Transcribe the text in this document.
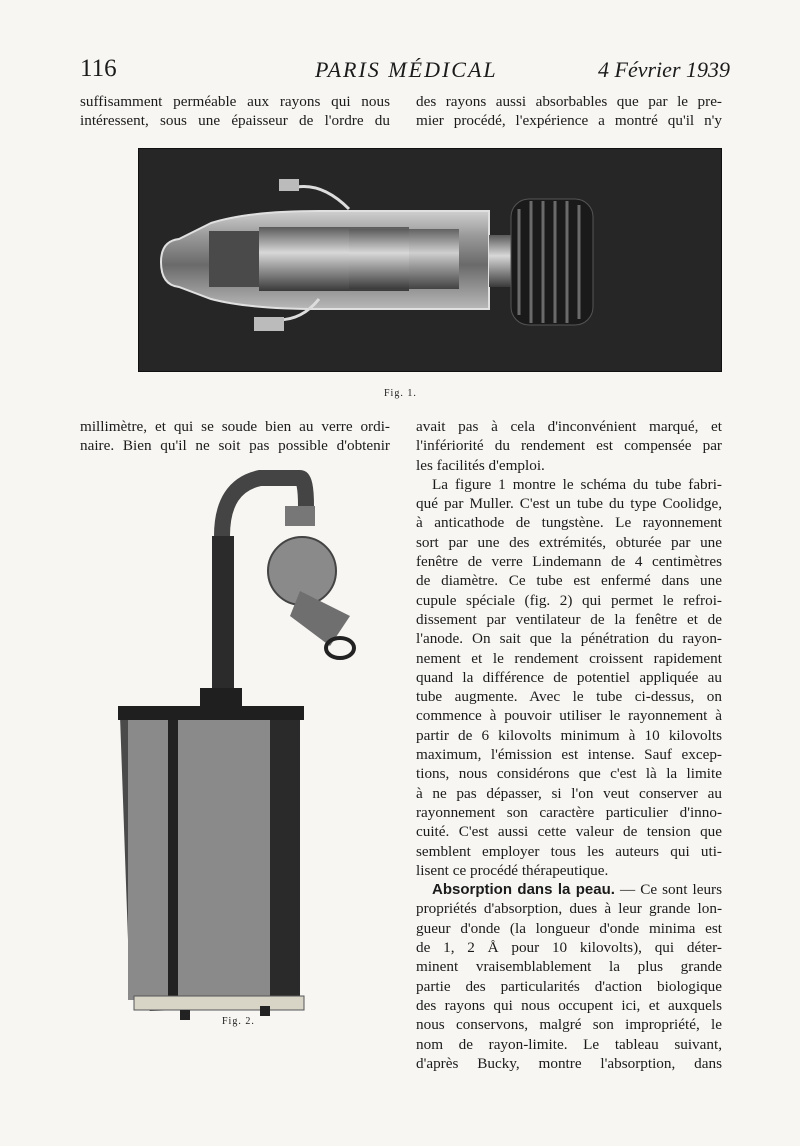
116	PARIS MÉDICAL	4 Février 1939
suffisamment perméable aux rayons qui nous
intéressent, sous une épaisseur de l'ordre du
des rayons aussi absorbables que par le pre-
mier procédé, l'expérience a montré qu'il n'y
Fig. 1.
millimètre, et qui se soude bien au verre ordi-
naire. Bien qu'il ne soit pas possible d'obtenir
Fig. 2.
avait pas à cela d'inconvénient marqué, et
l'infériorité du rendement est compensée par
les facilités d'emploi.
La figure 1 montre le schéma du tube fabri-
qué par Muller. C'est un tube du type Coolidge,
à anticathode de tungstène. Le rayonnement
sort par une des extrémités, obturée par une
fenêtre de verre Lindemann de 4 centimètres
de diamètre. Ce tube est enfermé dans une
cupule spéciale (fig. 2) qui permet le refroi-
dissement par ventilateur de la fenêtre et de
l'anode. On sait que la pénétration du rayon-
nement et le rendement croissent rapidement
quand la différence de potentiel appliquée au
tube augmente. Avec le tube ci-dessus, on
commence à pouvoir utiliser le rayonnement à
partir de 6 kilovolts minimum à 10 kilovolts
maximum, l'émission est intense. Sauf excep-
tions, nous considérons que c'est là la limite
à ne pas dépasser, si l'on veut conserver au
rayonnement son caractère particulier d'inno-
cuité. C'est aussi cette valeur de tension que
semblent employer tous les auteurs qui uti-
lisent ce procédé thérapeutique.
Absorption dans la peau. — Ce sont leurs
propriétés d'absorption, dues à leur grande lon-
gueur d'onde (la longueur d'onde minima est
de 1, 2 Å pour 10 kilovolts), qui déter-
minent vraisemblablement la plus grande
partie des particularités d'action biologique
des rayons qui nous occupent ici, et auxquels
nous conservons, malgré son impropriété, le
nom de rayon-limite. Le tableau suivant,
d'après Bucky, montre l'absorption, dans
